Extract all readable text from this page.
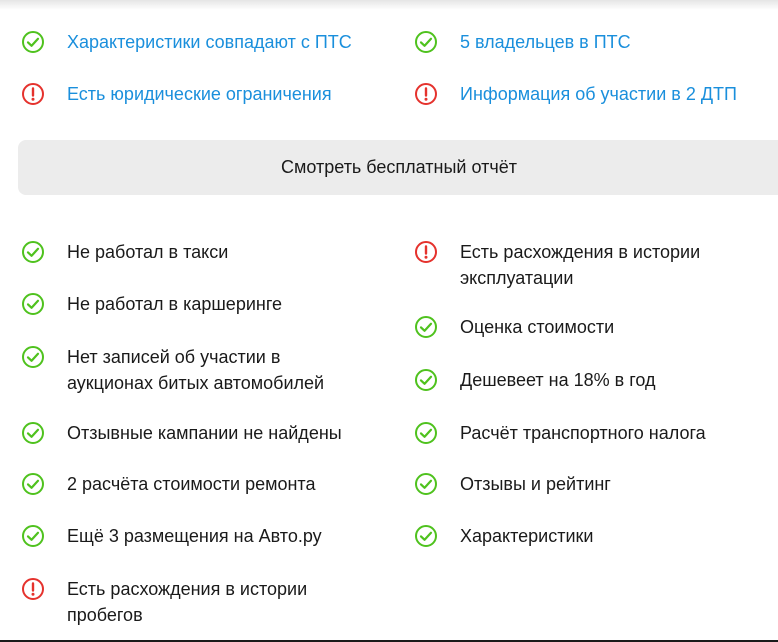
Характеристики совпадают с ПТС	5 владельцев в ПТС
Есть юридические ограничения	Информация об участии в 2 ДТП
Смотреть бесплатный отчёт
Не работал в такси
Не работал в каршеринге
Нет записей об участии в
аукционах битых автомобилей
Отзывные кампании не найдены
2 расчёта стоимости ремонта
Ещё 3 размещения на Авто.ру
Есть расхождения в истории
пробегов
Есть расхождения в истории
эксплуатации
Оценка стоимости
Дешевеет на 18% в год
Расчёт транспортного налога
Отзывы и рейтинг
Характеристики
